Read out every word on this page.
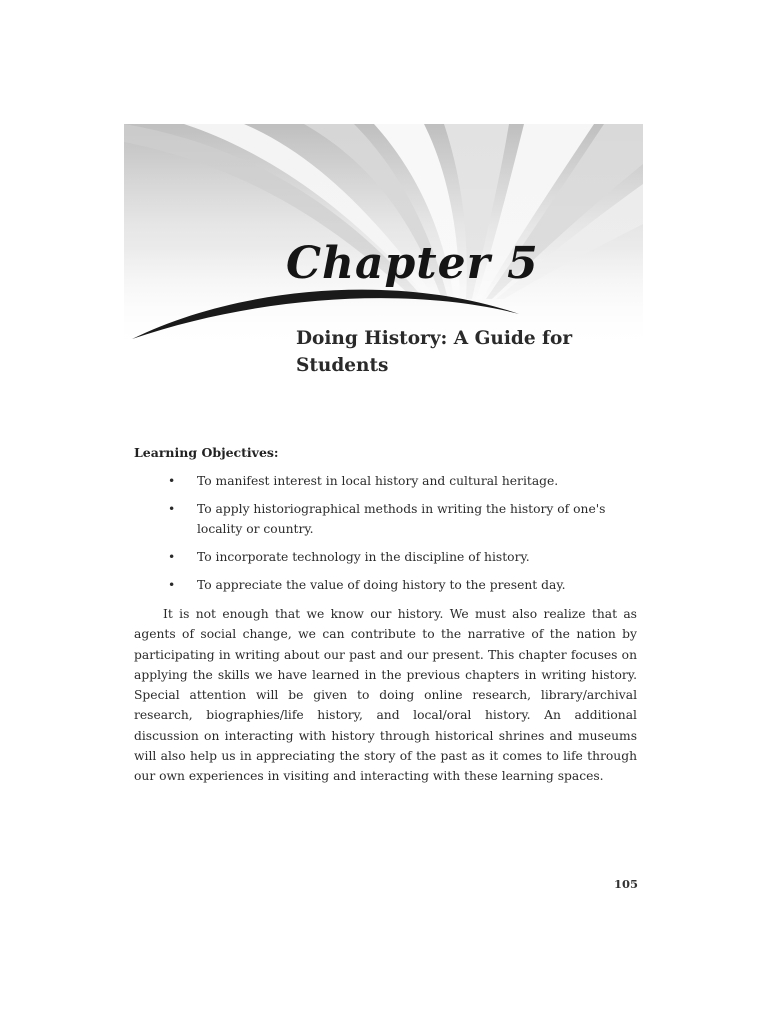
Chapter 5
Doing History: A Guide for Students
Learning Objectives:
• To manifest interest in local history and cultural heritage.
• To apply historiographical methods in writing the history of one's locality or country.
• To incorporate technology in the discipline of history.
• To appreciate the value of doing history to the present day.

It is not enough that we know our history. We must also realize that as agents of social change, we can contribute to the narrative of the nation by participating in writing about our past and our present. This chapter focuses on applying the skills we have learned in the previous chapters in writing history. Special attention will be given to doing online research, library/archival research, biographies/life history, and local/oral history. An additional discussion on interacting with history through historical shrines and museums will also help us in appreciating the story of the past as it comes to life through our own experiences in visiting and interacting with these learning spaces.

105
